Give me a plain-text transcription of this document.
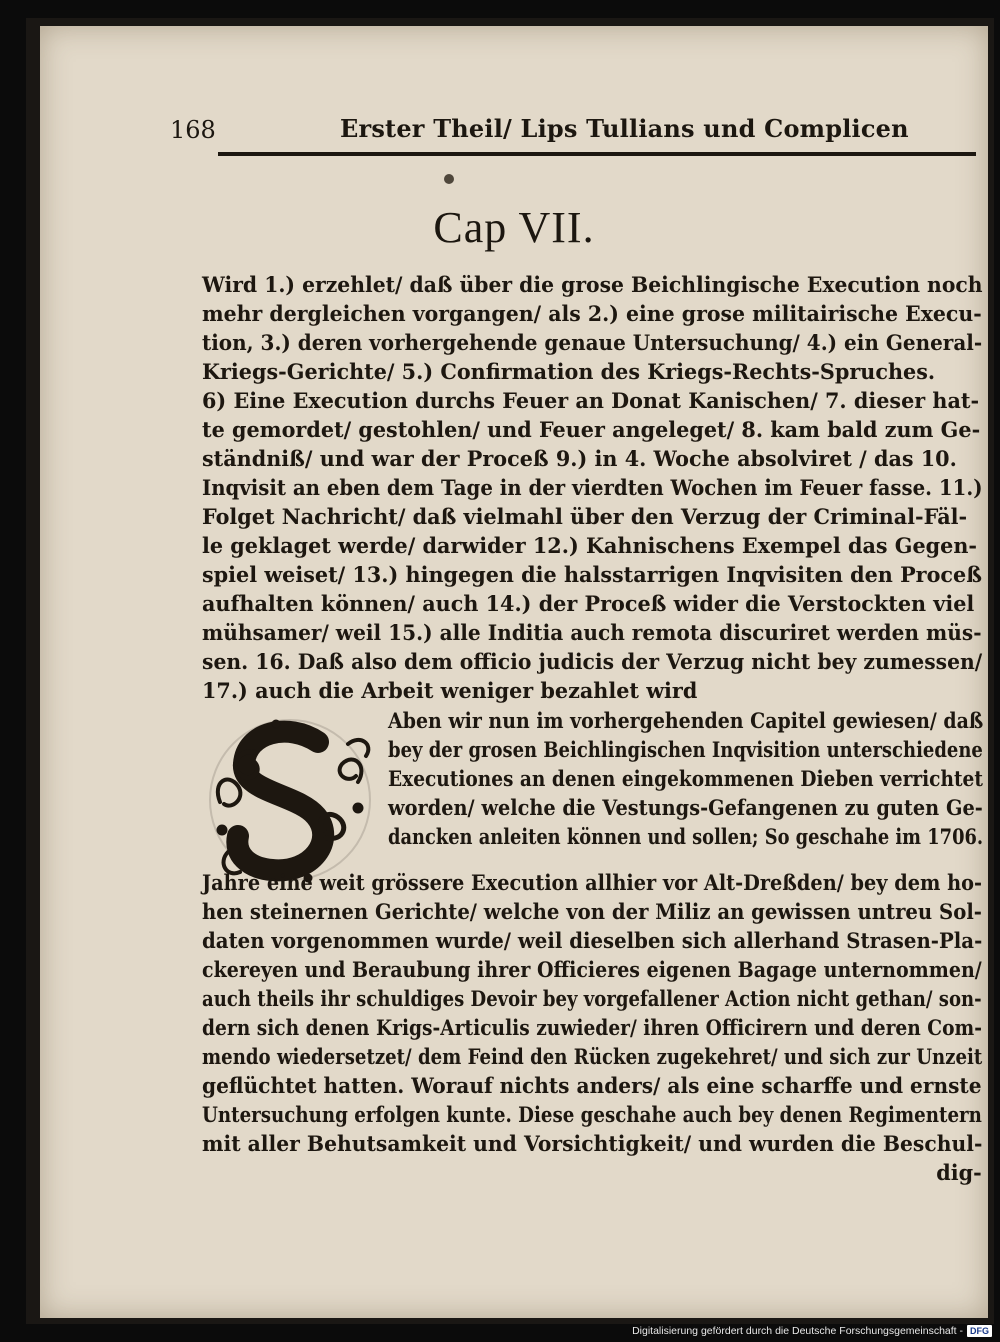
168	Erster Theil/ Lips Tullians und Complicen
Cap VII.
Wird 1.) erzehlet/ daß über die grose Beichlingische Execution noch
mehr dergleichen vorgangen/ als 2.) eine grose militairische Execu-
tion, 3.) deren vorhergehende genaue Untersuchung/ 4.) ein General-
Kriegs-Gerichte/ 5.) Confirmation des Kriegs-Rechts-Spruches.
6) Eine Execution durchs Feuer an Donat Kanischen/ 7. dieser hat-
te gemordet/ gestohlen/ und Feuer angeleget/ 8. kam bald zum Ge-
ständniß/ und war der Proceß 9.) in 4. Woche absolviret / das 10.
Inqvisit an eben dem Tage in der vierdten Wochen im Feuer fasse. 11.)
Folget Nachricht/ daß vielmahl über den Verzug der Criminal-Fäl-
le geklaget werde/ darwider 12.) Kahnischens Exempel das Gegen-
spiel weiset/ 13.) hingegen die halsstarrigen Inqvisiten den Proceß
aufhalten können/ auch 14.) der Proceß wider die Verstockten viel
mühsamer/ weil 15.) alle Inditia auch remota discuriret werden müs-
sen. 16. Daß also dem officio judicis der Verzug nicht bey zumessen/
17.) auch die Arbeit weniger bezahlet wird
Aben wir nun im vorhergehenden Capitel gewiesen/ daß
bey der grosen Beichlingischen Inqvisition unterschiedene
Executiones an denen eingekommenen Dieben verrichtet
worden/ welche die Vestungs-Gefangenen zu guten Ge-
dancken anleiten können und sollen; So geschahe im 1706.
Jahre eine weit grössere Execution allhier vor Alt-Dreßden/ bey dem ho-
hen steinernen Gerichte/ welche von der Miliz an gewissen untreu Sol-
daten vorgenommen wurde/ weil dieselben sich allerhand Strasen-Pla-
ckereyen und Beraubung ihrer Officieres eigenen Bagage unternommen/
auch theils ihr schuldiges Devoir bey vorgefallener Action nicht gethan/ son-
dern sich denen Krigs-Articulis zuwieder/ ihren Officirern und deren Com-
mendo wiedersetzet/ dem Feind den Rücken zugekehret/ und sich zur Unzeit
geflüchtet hatten. Worauf nichts anders/ als eine scharffe und ernste
Untersuchung erfolgen kunte. Diese geschahe auch bey denen Regimentern
mit aller Behutsamkeit und Vorsichtigkeit/ und wurden die Beschul-
dig-
Digitalisierung gefördert durch die Deutsche Forschungsgemeinschaft - DFG
